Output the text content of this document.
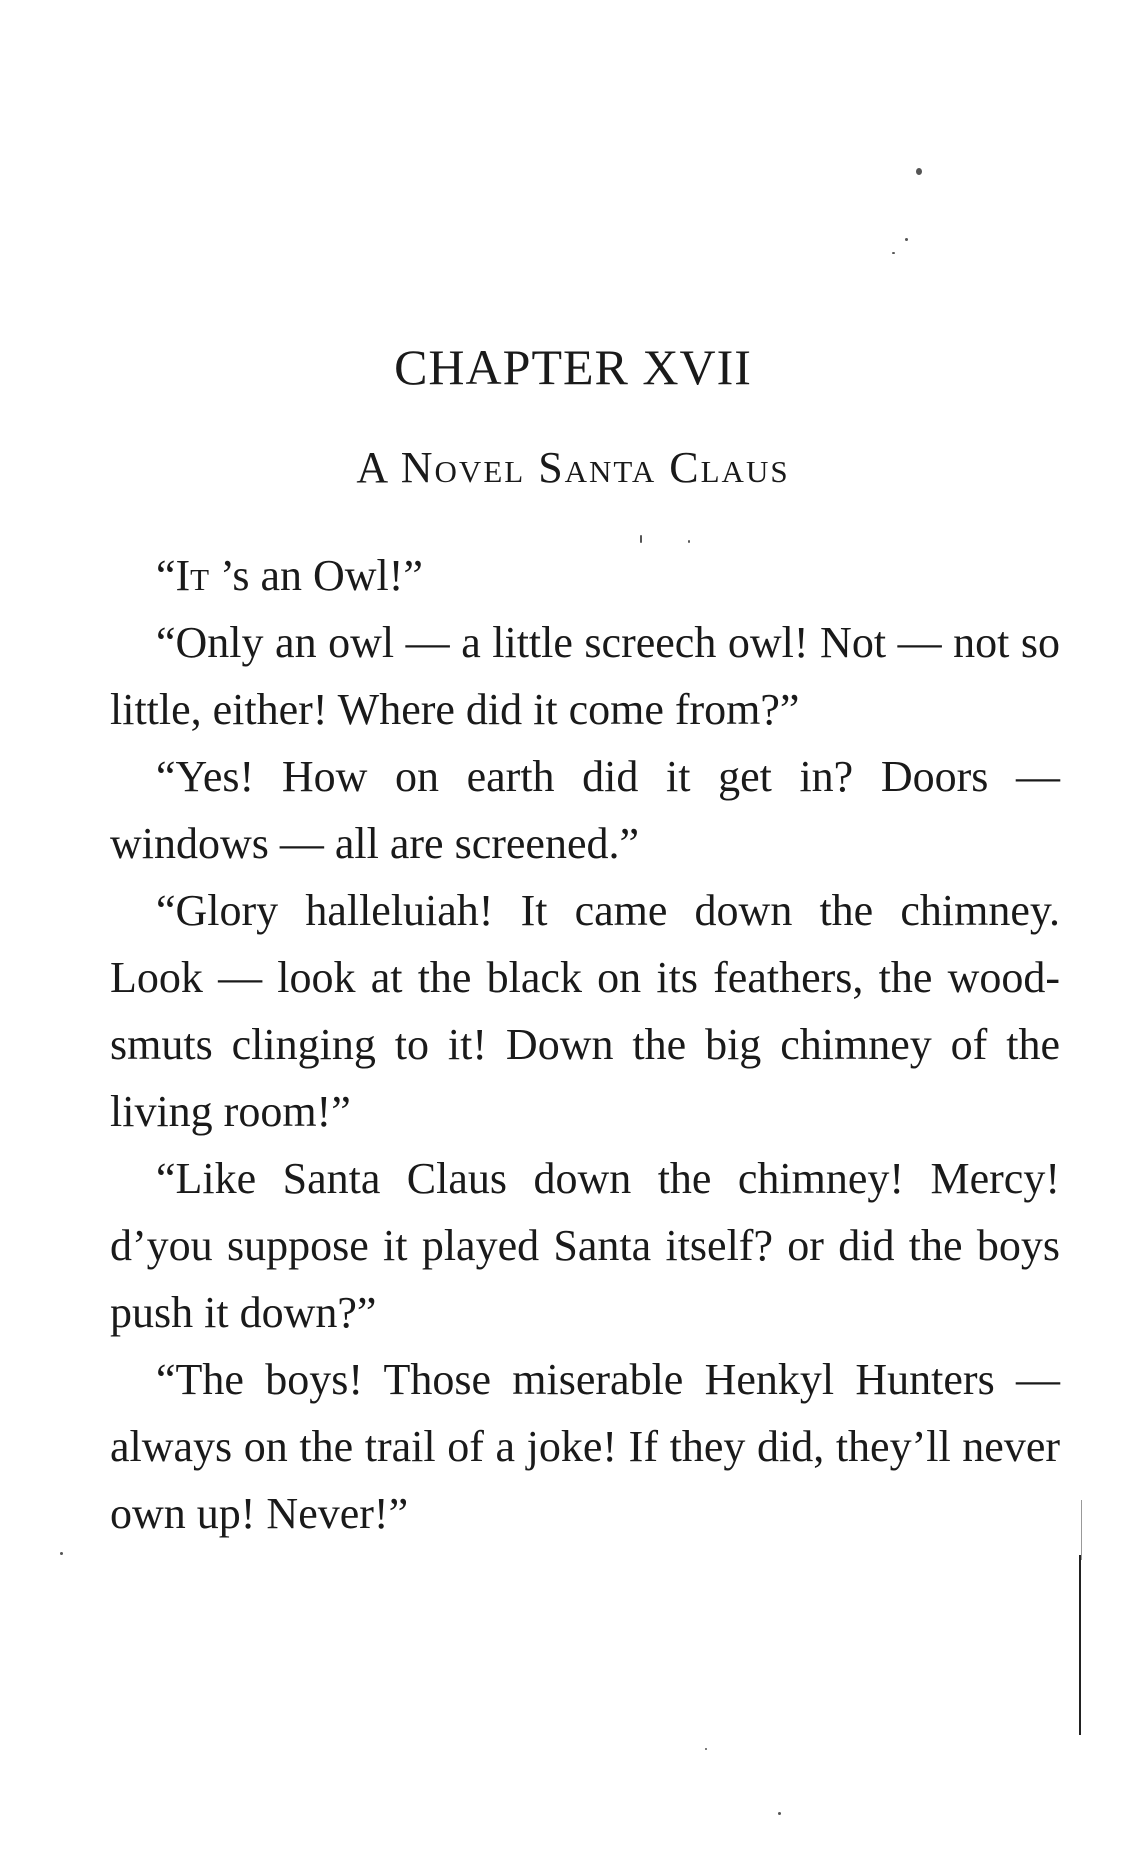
CHAPTER XVII
A Novel Santa Claus

“It ’s an Owl!”

“Only an owl — a little screech owl! Not — not so little, either! Where did it come from?”

“Yes! How on earth did it get in? Doors — windows — all are screened.”

“Glory halleluiah! It came down the chimney. Look — look at the black on its feathers, the wood-smuts clinging to it! Down the big chimney of the living room!”

“Like Santa Claus down the chimney! Mercy! d’you suppose it played Santa itself? or did the boys push it down?”

“The boys! Those miserable Henkyl Hunters — always on the trail of a joke! If they did, they’ll never own up! Never!”
